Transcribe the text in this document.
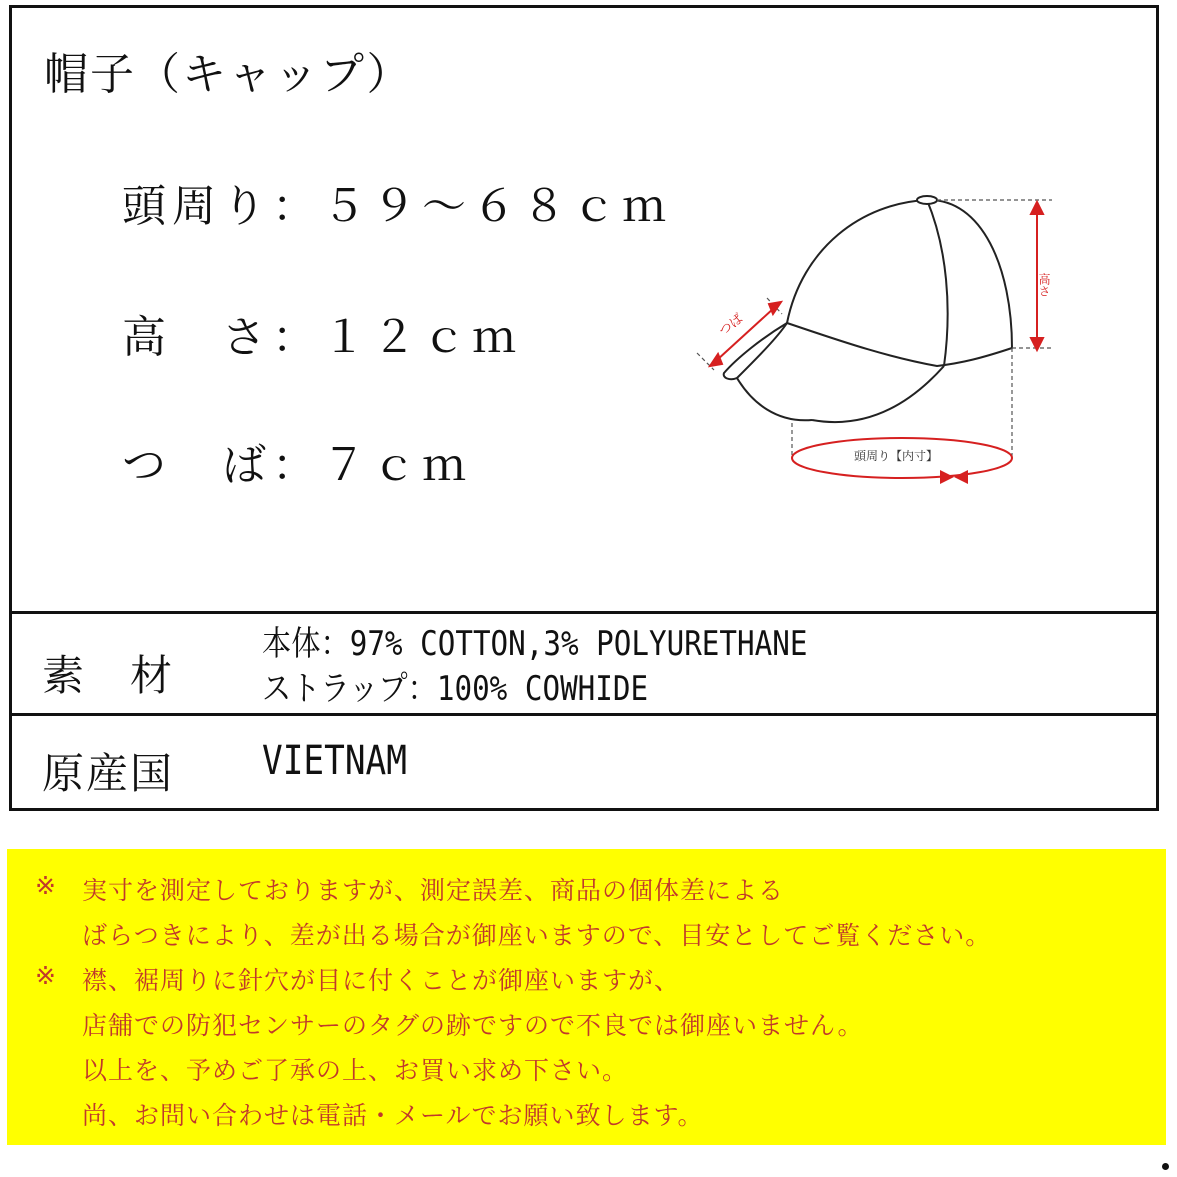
帽子（キャップ）
頭周り：５９～６８ｃｍ
高　さ：１２ｃｍ
つ　ば：７ｃｍ
高さ
つば
頭周り【内寸】
素　材
本体：97% COTTON,3% POLYURETHANE
ストラップ：100% COWHIDE
原産国 VIETNAM
※ 実寸を測定しておりますが、測定誤差、商品の個体差による
ばらつきにより、差が出る場合が御座いますので、目安としてご覧ください。
※ 襟、裾周りに針穴が目に付くことが御座いますが、
店舗での防犯センサーのタグの跡ですので不良では御座いません。
以上を、予めご了承の上、お買い求め下さい。
尚、お問い合わせは電話・メールでお願い致します。
